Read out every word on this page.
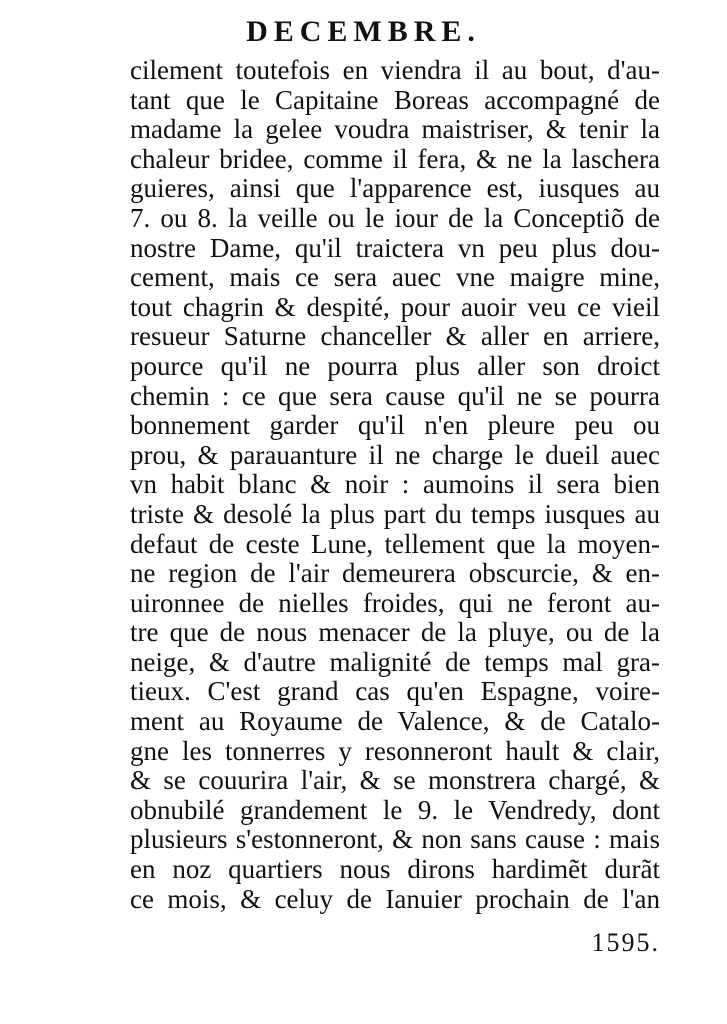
DECEMBRE.
cilement toutefois en viendra il au bout, d'au-
tant que le Capitaine Boreas accompagné de
madame la gelee voudra maistriser, & tenir la
chaleur bridee, comme il fera, & ne la laschera
guieres, ainsi que l'apparence est, iusques au
7. ou 8. la veille ou le iour de la Conceptiõ de
nostre Dame, qu'il traictera vn peu plus dou-
cement, mais ce sera auec vne maigre mine,
tout chagrin & despité, pour auoir veu ce vieil
resueur Saturne chanceller & aller en arriere,
pource qu'il ne pourra plus aller son droict
chemin : ce que sera cause qu'il ne se pourra
bonnement garder qu'il n'en pleure peu ou
prou, & parauanture il ne charge le dueil auec
vn habit blanc & noir : aumoins il sera bien
triste & desolé la plus part du temps iusques au
defaut de ceste Lune, tellement que la moyen-
ne region de l'air demeurera obscurcie, & en-
uironnee de nielles froides, qui ne feront au-
tre que de nous menacer de la pluye, ou de la
neige, & d'autre malignité de temps mal gra-
tieux. C'est grand cas qu'en Espagne, voire-
ment au Royaume de Valence, & de Catalo-
gne les tonnerres y resonneront hault & clair,
& se couurira l'air, & se monstrera chargé, &
obnubilé grandement le 9. le Vendredy, dont
plusieurs s'estonneront, & non sans cause : mais
en noz quartiers nous dirons hardimẽt durãt
ce mois, & celuy de Ianuier prochain de l'an
1595.
